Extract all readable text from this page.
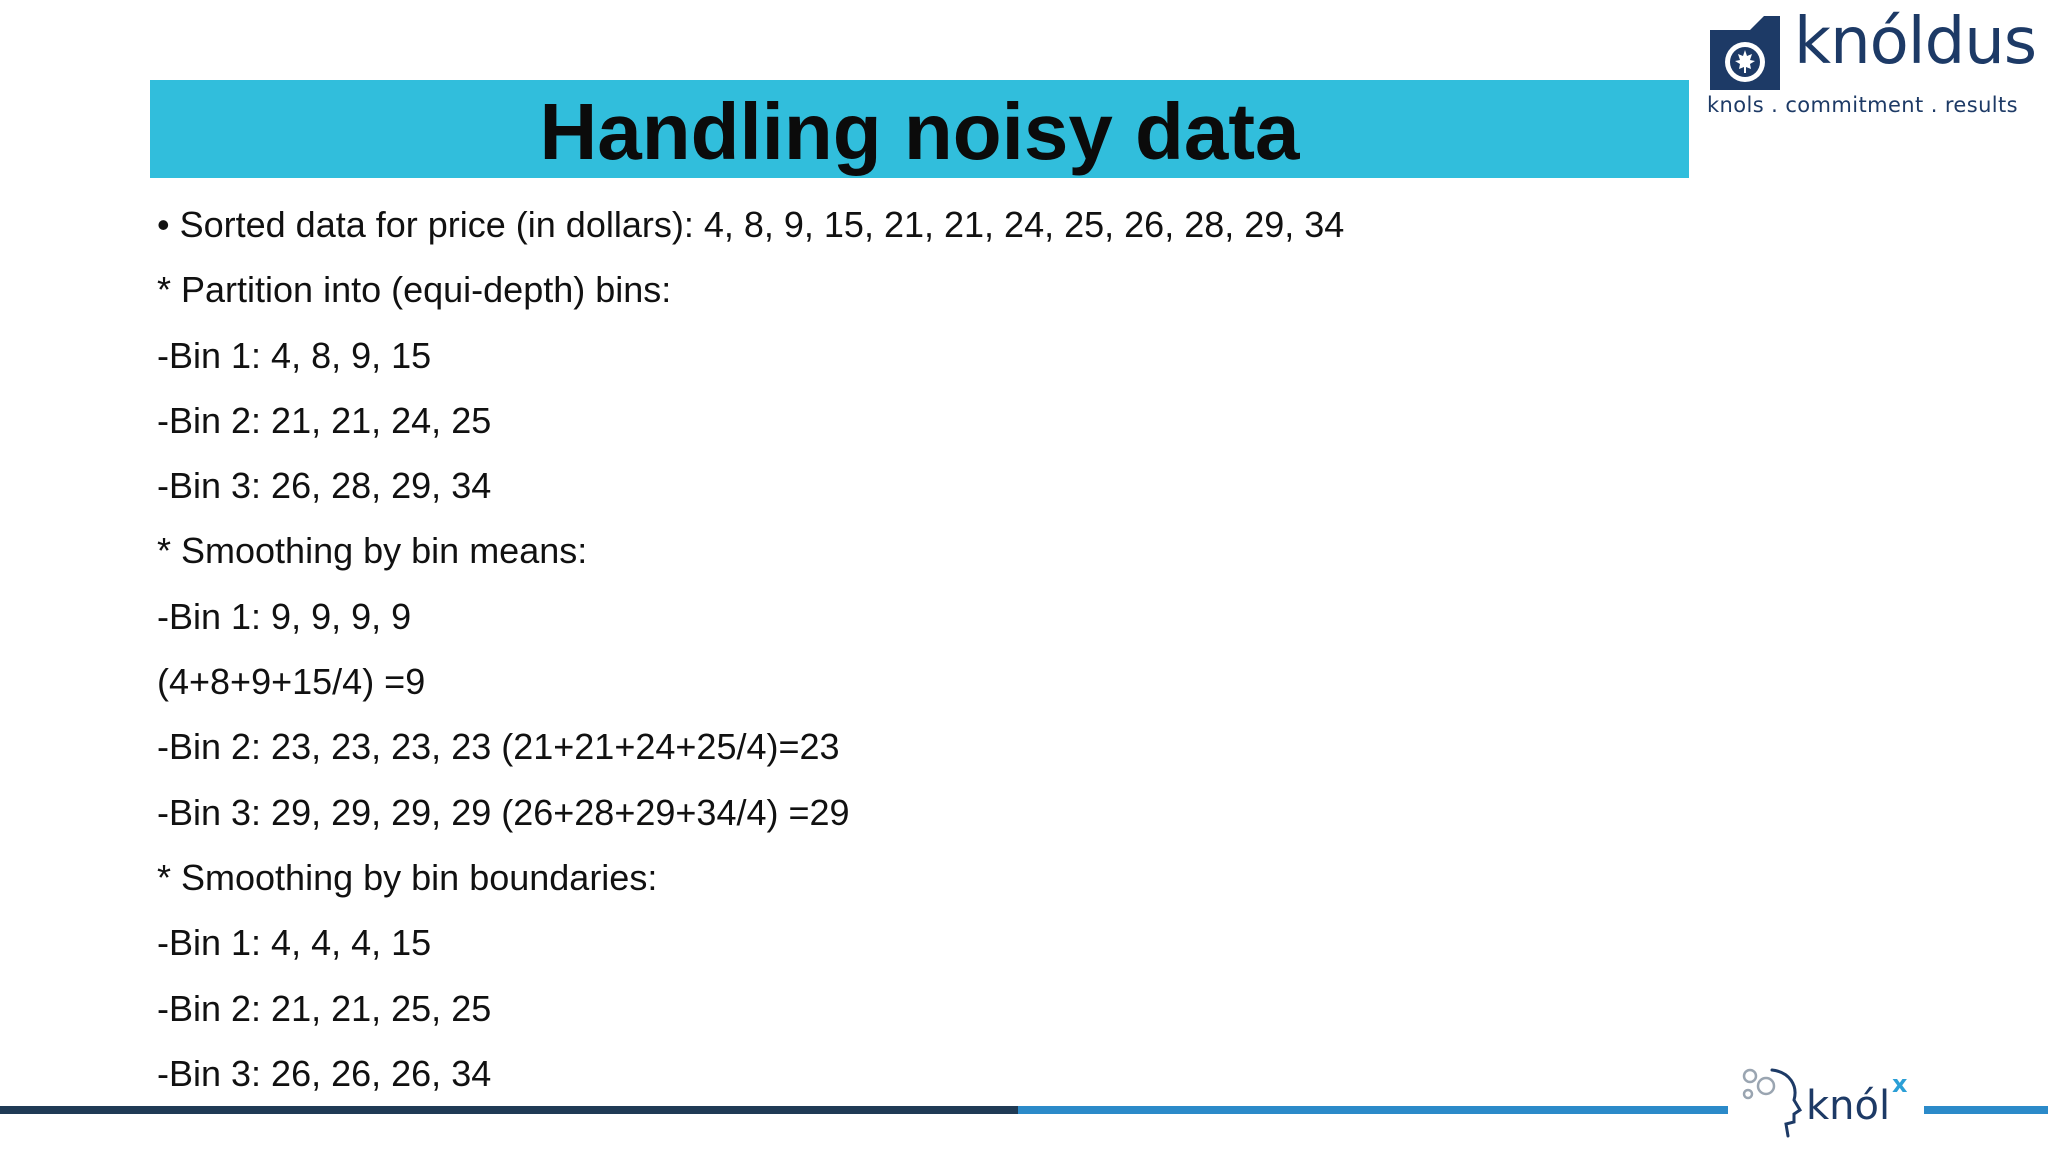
Handling noisy data
knóldus
knols . commitment . results
• Sorted data for price (in dollars): 4, 8, 9, 15, 21, 21, 24, 25, 26, 28, 29, 34
* Partition into (equi-depth) bins:
-Bin 1: 4, 8, 9, 15
-Bin 2: 21, 21, 24, 25
-Bin 3: 26, 28, 29, 34
* Smoothing by bin means:
-Bin 1: 9, 9, 9, 9
(4+8+9+15/4) =9
-Bin 2: 23, 23, 23, 23 (21+21+24+25/4)=23
-Bin 3: 29, 29, 29, 29 (26+28+29+34/4) =29
* Smoothing by bin boundaries:
-Bin 1: 4, 4, 4, 15
-Bin 2: 21, 21, 25, 25
-Bin 3: 26, 26, 26, 34
knól x
